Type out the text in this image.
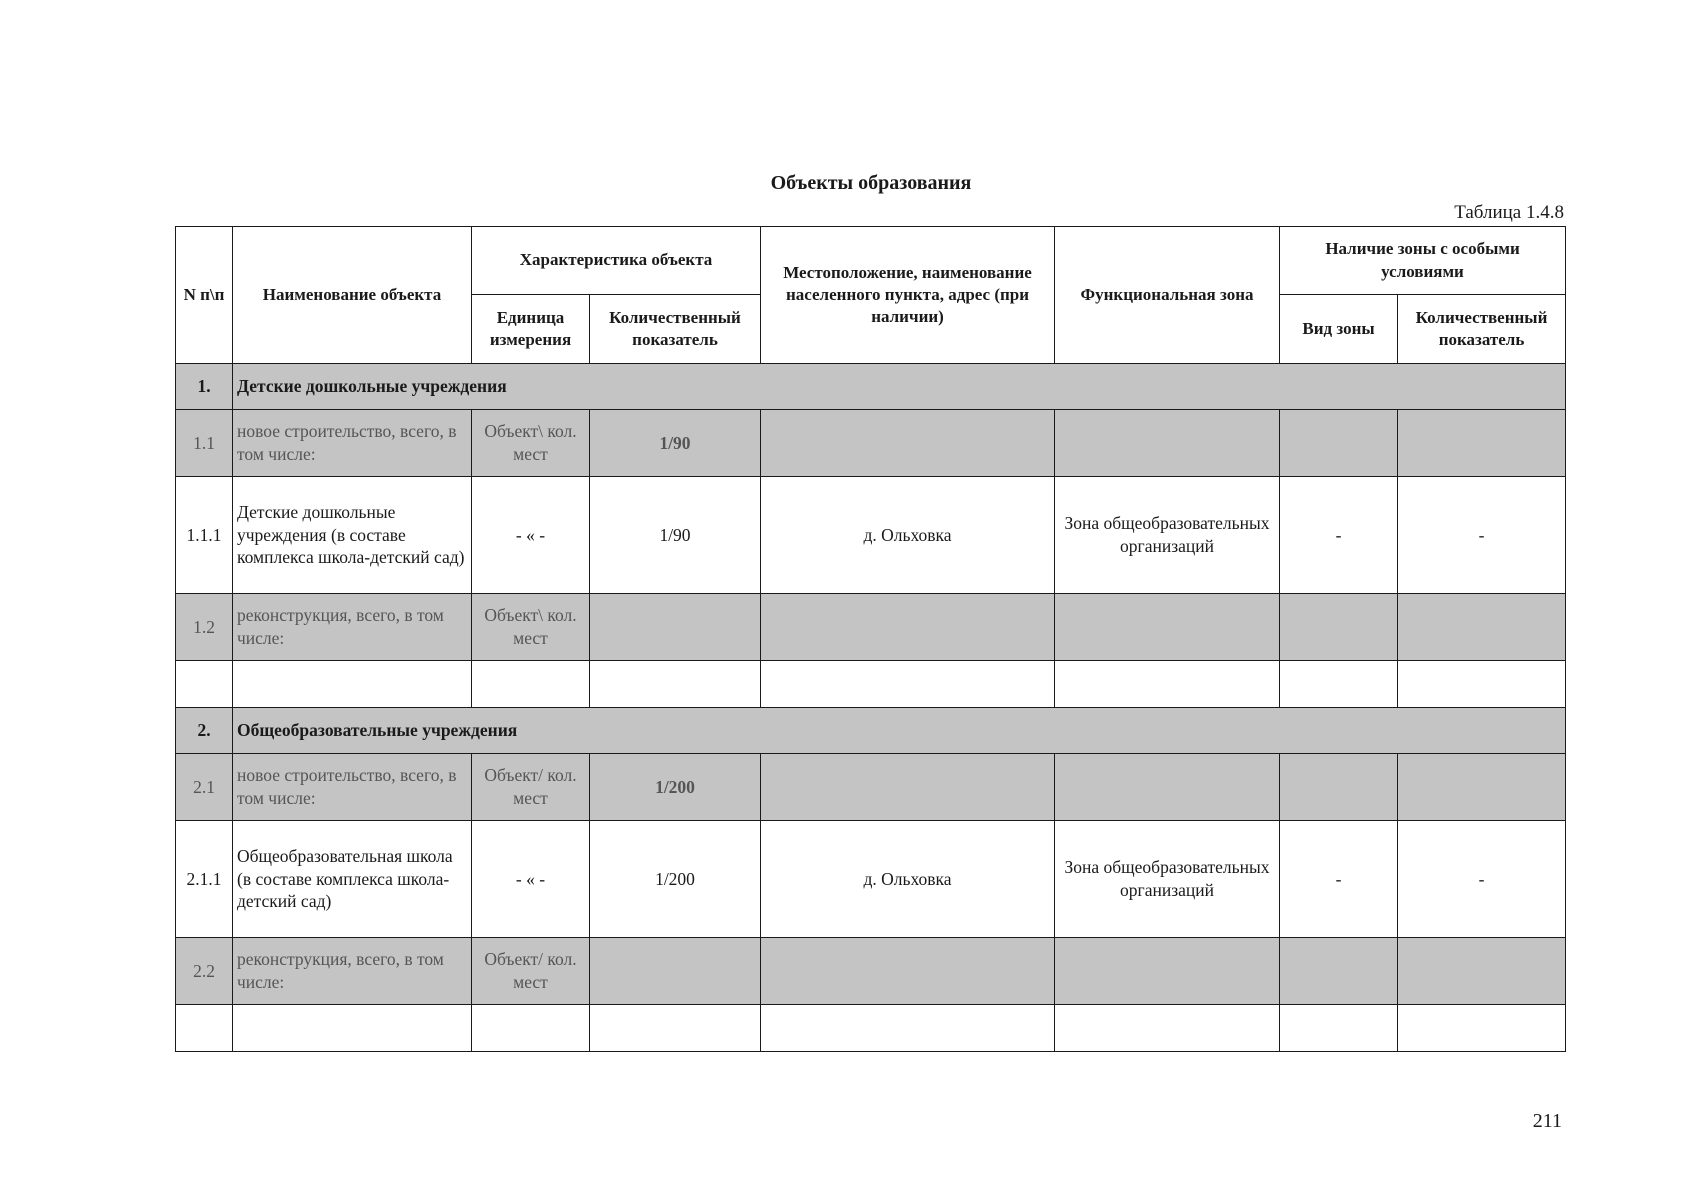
Объекты образования
Таблица 1.4.8
N п\п	Наименование объекта	Характеристика объекта		Местоположение, наименование населенного пункта, адрес (при наличии)	Функциональная зона	Наличие зоны с особыми условиями	
		Единица измерения	Количественный показатель			Вид зоны	Количественный показатель
1.	Детские дошкольные учреждения						
1.1	новое строительство, всего, в том числе:	Объект\ кол. мест	1/90				
1.1.1	Детские дошкольные учреждения (в составе комплекса школа-детский сад)	- « -	1/90	д. Ольховка	Зона общеобразовательных организаций	-	-
1.2	реконструкция, всего, в том числе:	Объект\ кол. мест					

2.	Общеобразовательные учреждения						
2.1	новое строительство, всего, в том числе:	Объект/ кол. мест	1/200				
2.1.1	Общеобразовательная школа (в составе комплекса школа-детский сад)	- « -	1/200	д. Ольховка	Зона общеобразовательных организаций	-	-
2.2	реконструкция, всего, в том числе:	Объект/ кол. мест					

211
